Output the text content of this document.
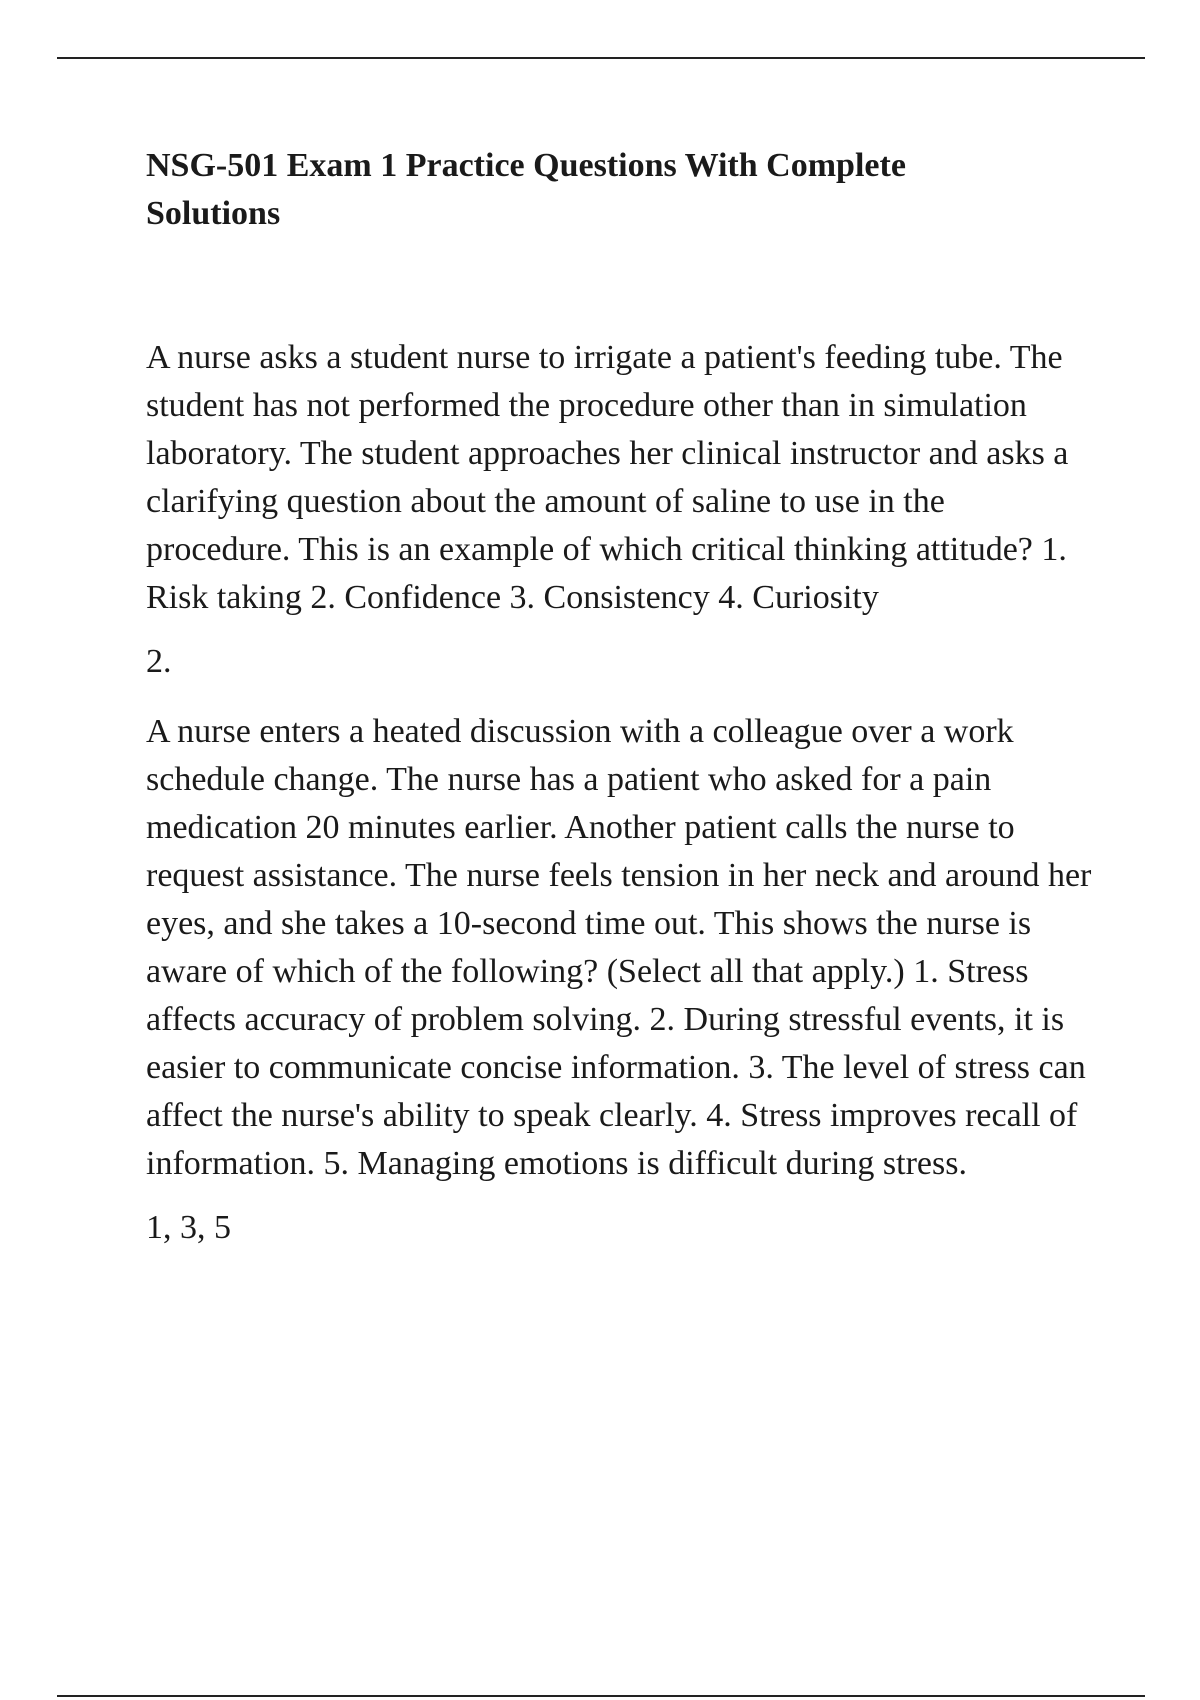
NSG-501 Exam 1 Practice Questions With Complete Solutions

A nurse asks a student nurse to irrigate a patient's feeding tube. The student has not performed the procedure other than in simulation laboratory. The student approaches her clinical instructor and asks a clarifying question about the amount of saline to use in the procedure. This is an example of which critical thinking attitude? 1. Risk taking 2. Confidence 3. Consistency 4. Curiosity

2.

A nurse enters a heated discussion with a colleague over a work schedule change. The nurse has a patient who asked for a pain medication 20 minutes earlier. Another patient calls the nurse to request assistance. The nurse feels tension in her neck and around her eyes, and she takes a 10-second time out. This shows the nurse is aware of which of the following? (Select all that apply.) 1. Stress affects accuracy of problem solving. 2. During stressful events, it is easier to communicate concise information. 3. The level of stress can affect the nurse's ability to speak clearly. 4. Stress improves recall of information. 5. Managing emotions is difficult during stress.

1, 3, 5
